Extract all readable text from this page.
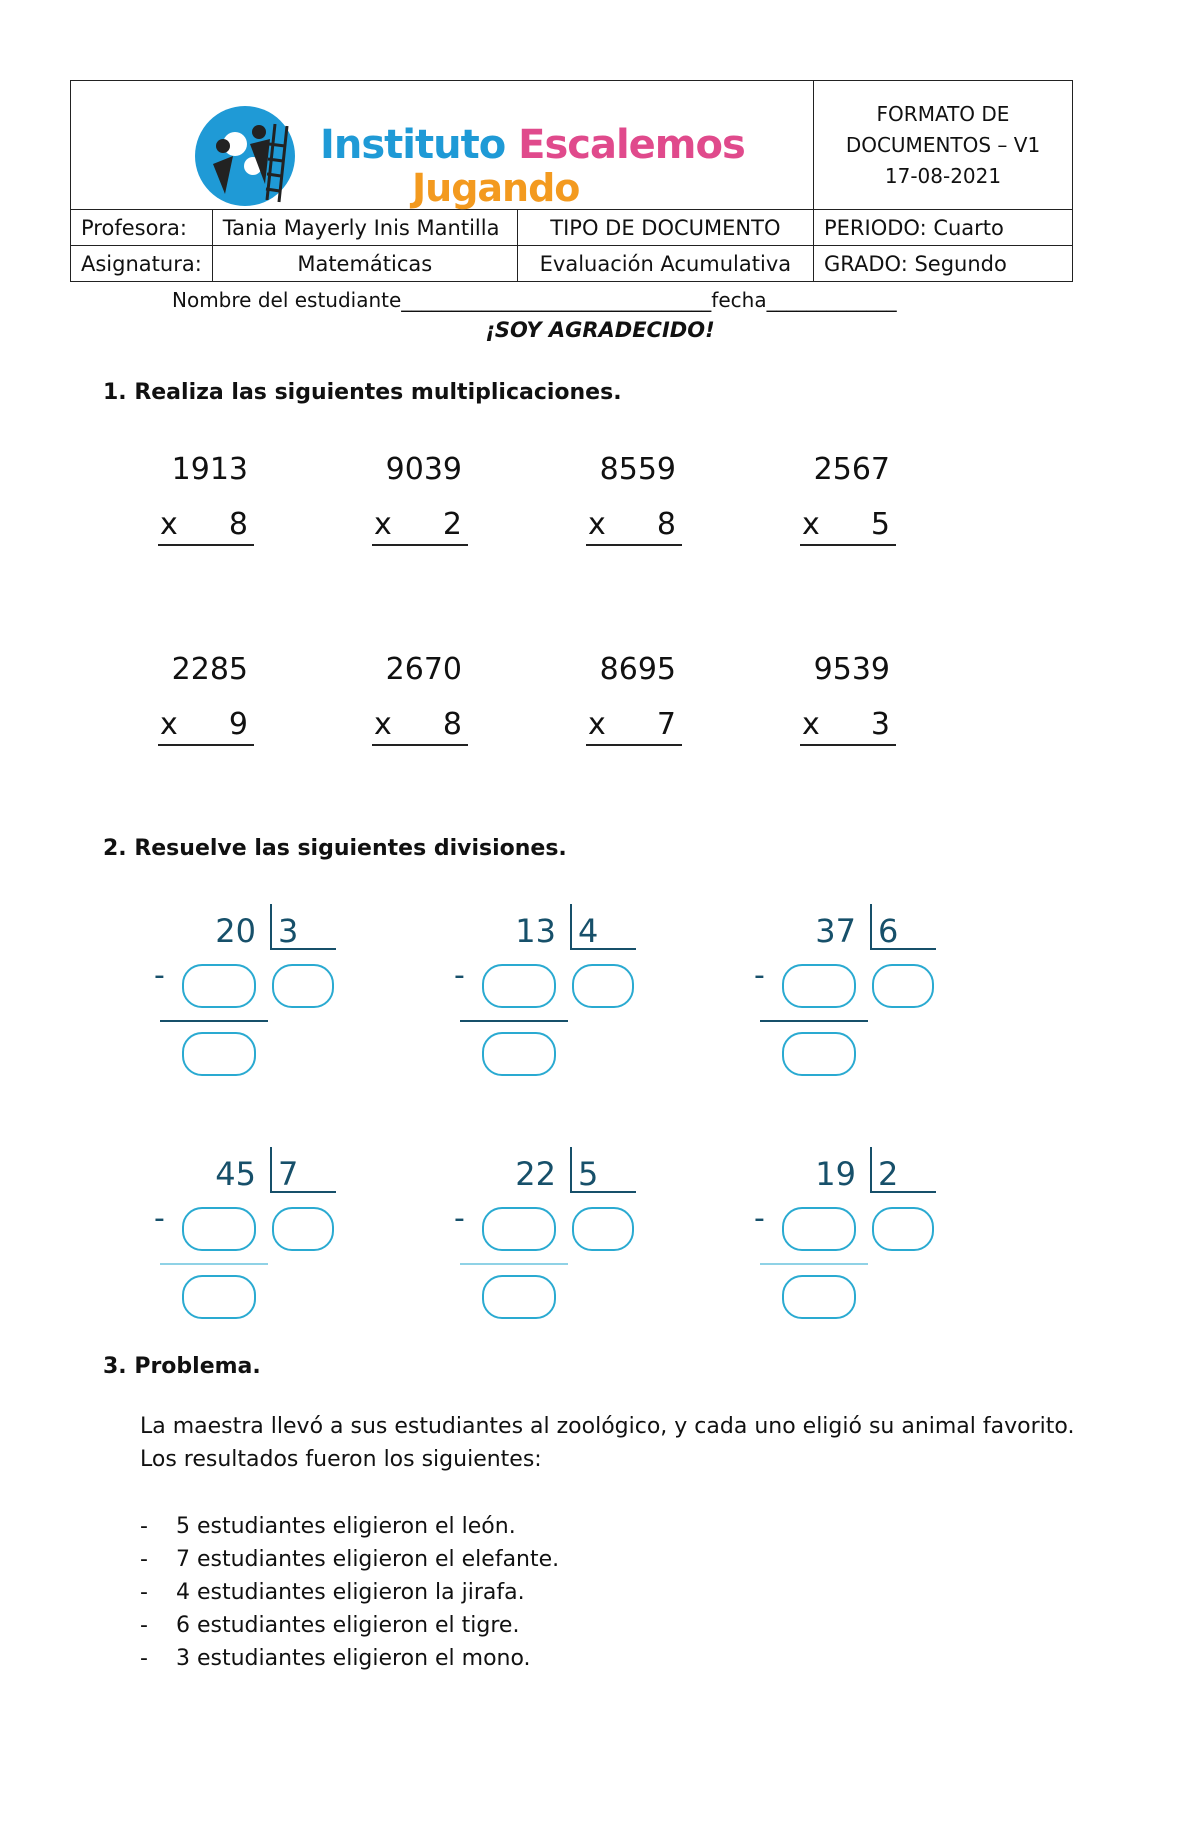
			FORMATO DE
DOCUMENTOS – V1
17-08-2021

Profesora:	Tania Mayerly Inis Mantilla	TIPO DE DOCUMENTO	PERIODO: Cuarto
Asignatura:	Matemáticas	Evaluación Acumulativa	GRADO: Segundo
Instituto Escalemos
Jugando
Nombre del estudiante_______________________________fecha_____________
¡SOY AGRADECIDO!
1. Realiza las siguientes multiplicaciones.
1913
x 8
9039
x 2
8559
x 8
2567
x 5
2285
x 9
2670
x 8
8695
x 7
9539
x 3
2. Resuelve las siguientes divisiones.
20 3
-
13 4
-
37 6
-
45 7
-
22 5
-
19 2
-
3. Problema.
La maestra llevó a sus estudiantes al zoológico, y cada uno eligió su animal favorito. Los resultados fueron los siguientes:
- 5 estudiantes eligieron el león.
- 7 estudiantes eligieron el elefante.
- 4 estudiantes eligieron la jirafa.
- 6 estudiantes eligieron el tigre.
- 3 estudiantes eligieron el mono.
